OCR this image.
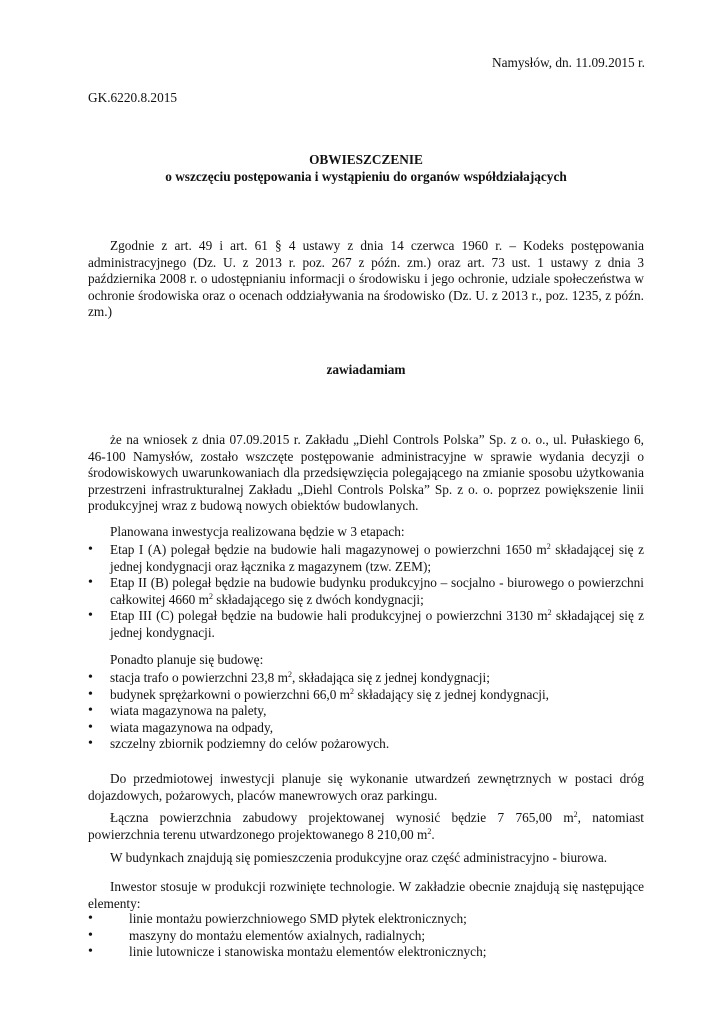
Namysłów, dn. 11.09.2015 r.
GK.6220.8.2015
OBWIESZCZENIE
o wszczęciu postępowania i wystąpieniu do organów współdziałających
Zgodnie z art. 49 i art. 61 § 4 ustawy z dnia 14 czerwca 1960 r. – Kodeks postępowania administracyjnego (Dz. U. z 2013 r. poz. 267 z późn. zm.) oraz art. 73 ust. 1 ustawy z dnia 3 października 2008 r. o udostępnianiu informacji o środowisku i jego ochronie, udziale społeczeństwa w ochronie środowiska oraz o ocenach oddziaływania na środowisko (Dz. U. z 2013 r., poz. 1235, z późn. zm.)
zawiadamiam
że na wniosek z dnia 07.09.2015 r. Zakładu „Diehl Controls Polska” Sp. z o. o., ul. Pułaskiego 6, 46-100 Namysłów, zostało wszczęte postępowanie administracyjne w sprawie wydania decyzji o środowiskowych uwarunkowaniach dla przedsięwzięcia polegającego na zmianie sposobu użytkowania przestrzeni infrastrukturalnej Zakładu „Diehl Controls Polska” Sp. z o. o. poprzez powiększenie linii produkcyjnej wraz z budową nowych obiektów budowlanych.
Planowana inwestycja realizowana będzie w 3 etapach:
• Etap I (A) polegał będzie na budowie hali magazynowej o powierzchni 1650 $m^2$ składającej się z jednej kondygnacji oraz łącznika z magazynem (tzw. ZEM);
• Etap II (B) polegał będzie na budowie budynku produkcyjno – socjalno - biurowego o powierzchni całkowitej 4660 $m^2$ składającego się z dwóch kondygnacji;
• Etap III (C) polegał będzie na budowie hali produkcyjnej o powierzchni 3130 $m^2$ składającej się z jednej kondygnacji.
Ponadto planuje się budowę:
• stacja trafo o powierzchni 23,8 $m^2$, składająca się z jednej kondygnacji;
• budynek sprężarkowni o powierzchni 66,0 $m^2$ składający się z jednej kondygnacji,
• wiata magazynowa na palety,
• wiata magazynowa na odpady,
• szczelny zbiornik podziemny do celów pożarowych.
Do przedmiotowej inwestycji planuje się wykonanie utwardzeń zewnętrznych w postaci dróg dojazdowych, pożarowych, placów manewrowych oraz parkingu.
Łączna powierzchnia zabudowy projektowanej wynosić będzie 7 765,00 $m^2$, natomiast powierzchnia terenu utwardzonego projektowanego 8 210,00 $m^2$.
W budynkach znajdują się pomieszczenia produkcyjne oraz część administracyjno - biurowa.
Inwestor stosuje w produkcji rozwinięte technologie. W zakładzie obecnie znajdują się następujące elementy:
• linie montażu powierzchniowego SMD płytek elektronicznych;
• maszyny do montażu elementów axialnych, radialnych;
• linie lutownicze i stanowiska montażu elementów elektronicznych;
